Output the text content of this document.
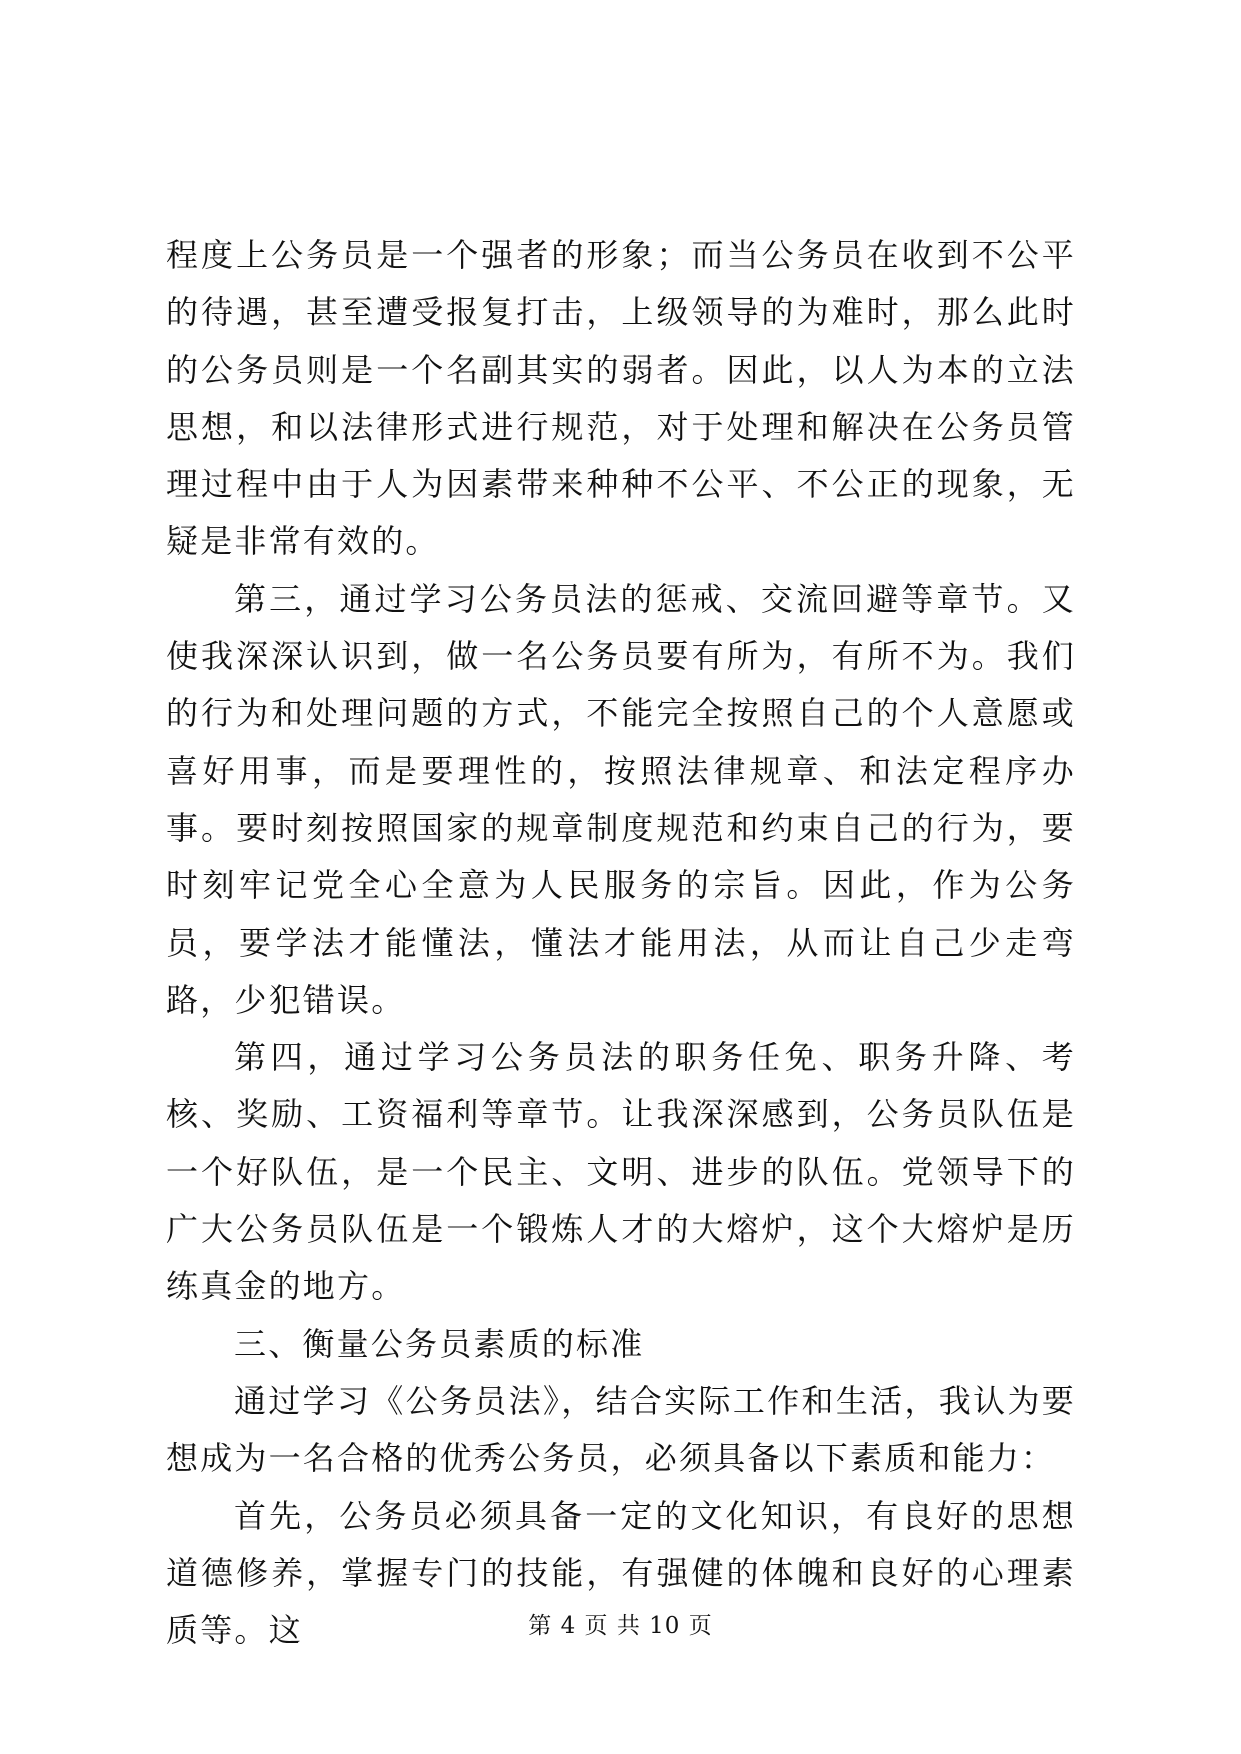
程度上公务员是一个强者的形象；而当公务员在收到不公平的待遇，甚至遭受报复打击，上级领导的为难时，那么此时的公务员则是一个名副其实的弱者。因此，以人为本的立法思想，和以法律形式进行规范，对于处理和解决在公务员管理过程中由于人为因素带来种种不公平、不公正的现象，无疑是非常有效的。

第三，通过学习公务员法的惩戒、交流回避等章节。又使我深深认识到，做一名公务员要有所为，有所不为。我们的行为和处理问题的方式，不能完全按照自己的个人意愿或喜好用事，而是要理性的，按照法律规章、和法定程序办事。要时刻按照国家的规章制度规范和约束自己的行为，要时刻牢记党全心全意为人民服务的宗旨。因此，作为公务员，要学法才能懂法，懂法才能用法，从而让自己少走弯路，少犯错误。

第四，通过学习公务员法的职务任免、职务升降、考核、奖励、工资福利等章节。让我深深感到，公务员队伍是一个好队伍，是一个民主、文明、进步的队伍。党领导下的广大公务员队伍是一个锻炼人才的大熔炉，这个大熔炉是历练真金的地方。

三、衡量公务员素质的标准

通过学习《公务员法》，结合实际工作和生活，我认为要想成为一名合格的优秀公务员，必须具备以下素质和能力：

首先，公务员必须具备一定的文化知识，有良好的思想道德修养，掌握专门的技能，有强健的体魄和良好的心理素质等。这	第 4 页 共 10 页
